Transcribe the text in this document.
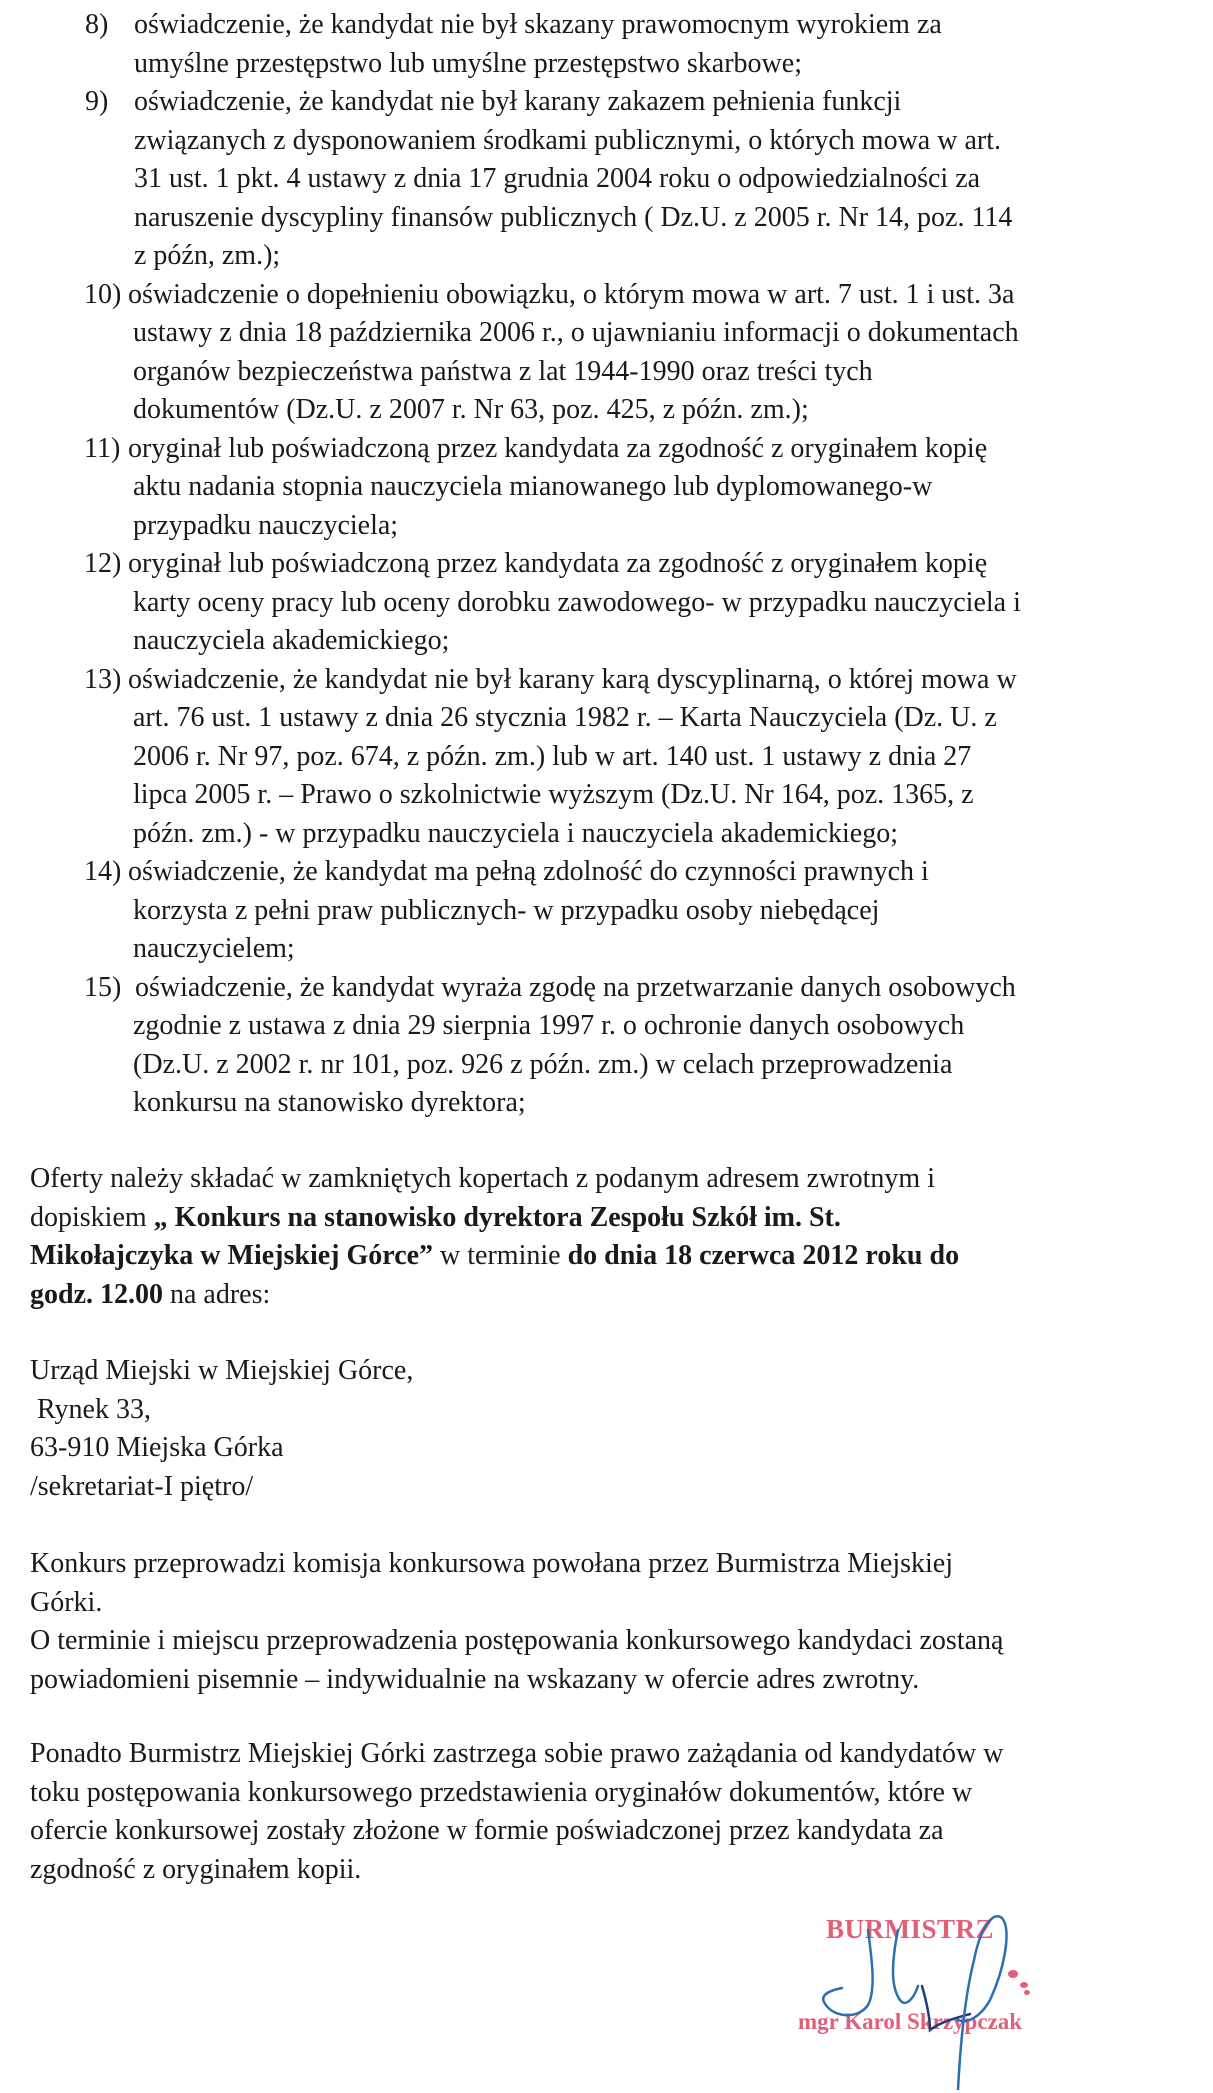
8) oświadczenie, że kandydat nie był skazany prawomocnym wyrokiem za
umyślne przestępstwo lub umyślne przestępstwo skarbowe;
9) oświadczenie, że kandydat nie był karany zakazem pełnienia funkcji
związanych z dysponowaniem środkami publicznymi, o których mowa w art.
31 ust. 1 pkt. 4 ustawy z dnia 17 grudnia 2004 roku o odpowiedzialności za
naruszenie dyscypliny finansów publicznych ( Dz.U. z 2005 r. Nr 14, poz. 114
z późn, zm.);
10) oświadczenie o dopełnieniu obowiązku, o którym mowa w art. 7 ust. 1 i ust. 3a
ustawy z dnia 18 października 2006 r., o ujawnianiu informacji o dokumentach
organów bezpieczeństwa państwa z lat 1944-1990 oraz treści tych
dokumentów (Dz.U. z 2007 r. Nr 63, poz. 425, z późn. zm.);
11) oryginał lub poświadczoną przez kandydata za zgodność z oryginałem kopię
aktu nadania stopnia nauczyciela mianowanego lub dyplomowanego-w
przypadku nauczyciela;
12) oryginał lub poświadczoną przez kandydata za zgodność z oryginałem kopię
karty oceny pracy lub oceny dorobku zawodowego- w przypadku nauczyciela i
nauczyciela akademickiego;
13) oświadczenie, że kandydat nie był karany karą dyscyplinarną, o której mowa w
art. 76 ust. 1 ustawy z dnia 26 stycznia 1982 r. – Karta Nauczyciela (Dz. U. z
2006 r. Nr 97, poz. 674, z późn. zm.) lub w art. 140 ust. 1 ustawy z dnia 27
lipca 2005 r. – Prawo o szkolnictwie wyższym (Dz.U. Nr 164, poz. 1365, z
późn. zm.) - w przypadku nauczyciela i nauczyciela akademickiego;
14) oświadczenie, że kandydat ma pełną zdolność do czynności prawnych i
korzysta z pełni praw publicznych- w przypadku osoby niebędącej
nauczycielem;
15) oświadczenie, że kandydat wyraża zgodę na przetwarzanie danych osobowych
zgodnie z ustawa z dnia 29 sierpnia 1997 r. o ochronie danych osobowych
(Dz.U. z 2002 r. nr 101, poz. 926 z późn. zm.) w celach przeprowadzenia
konkursu na stanowisko dyrektora;
Oferty należy składać w zamkniętych kopertach z podanym adresem zwrotnym i
dopiskiem „ Konkurs na stanowisko dyrektora Zespołu Szkół im. St.
Mikołajczyka w Miejskiej Górce” w terminie do dnia 18 czerwca 2012 roku do
godz. 12.00 na adres:
Urząd Miejski w Miejskiej Górce,
Rynek 33,
63-910 Miejska Górka
/sekretariat-I piętro/
Konkurs przeprowadzi komisja konkursowa powołana przez Burmistrza Miejskiej
Górki.
O terminie i miejscu przeprowadzenia postępowania konkursowego kandydaci zostaną
powiadomieni pisemnie – indywidualnie na wskazany w ofercie adres zwrotny.
Ponadto Burmistrz Miejskiej Górki zastrzega sobie prawo zażądania od kandydatów w
toku postępowania konkursowego przedstawienia oryginałów dokumentów, które w
ofercie konkursowej zostały złożone w formie poświadczonej przez kandydata za
zgodność z oryginałem kopii.
BURMISTRZ
mgr Karol Skrzypczak
